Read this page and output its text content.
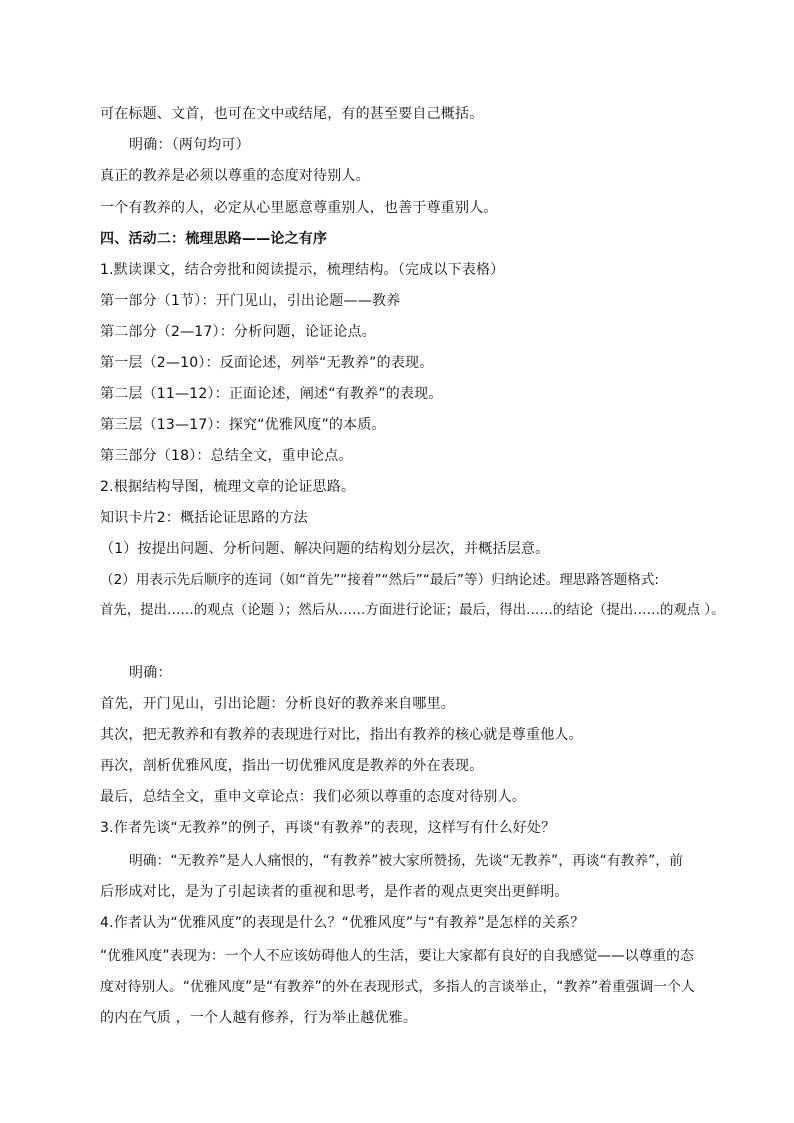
可在标题、文首，也可在文中或结尾，有的甚至要自己概括。
明确：（两句均可）
真正的教养是必须以尊重的态度对待别人。
一个有教养的人，必定从心里愿意尊重别人，也善于尊重别人。
四、活动二：梳理思路——论之有序
1.默读课文，结合旁批和阅读提示，梳理结构。（完成以下表格）
第一部分（1节）：开门见山，引出论题——教养
第二部分（2—17）：分析问题，论证论点。
第一层（2—10）：反面论述，列举“无教养”的表现。
第二层（11—12）：正面论述，阐述“有教养”的表现。
第三层（13—17）：探究“优雅风度”的本质。
第三部分（18）：总结全文，重申论点。
2.根据结构导图，梳理文章的论证思路。
知识卡片2：概括论证思路的方法
（1）按提出问题、分析问题、解决问题的结构划分层次，并概括层意。
（2）用表示先后顺序的连词（如“首先”“接着”“然后”“最后”等）归纳论述。理思路答题格式:
首先，提出……的观点（论题 ）；然后从……方面进行论证；最后，得出……的结论（提出……的观点 ）。
明确：
首先，开门见山，引出论题：分析良好的教养来自哪里。
其次，把无教养和有教养的表现进行对比，指出有教养的核心就是尊重他人。
再次，剖析优雅风度，指出一切优雅风度是教养的外在表现。
最后，总结全文，重申文章论点：我们必须以尊重的态度对待别人。
3.作者先谈“无教养”的例子，再谈“有教养”的表现，这样写有什么好处？
明确：“无教养”是人人痛恨的，“有教养”被大家所赞扬，先谈“无教养”，再谈“有教养”，前
后形成对比，是为了引起读者的重视和思考，是作者的观点更突出更鲜明。
4.作者认为“优雅风度”的表现是什么？“优雅风度”与“有教养”是怎样的关系？
“优雅风度”表现为：一个人不应该妨碍他人的生活，要让大家都有良好的自我感觉——以尊重的态
度对待别人。“优雅风度”是“有教养”的外在表现形式，多指人的言谈举止，“教养”着重强调一个人
的内在气质 ，一个人越有修养，行为举止越优雅。
